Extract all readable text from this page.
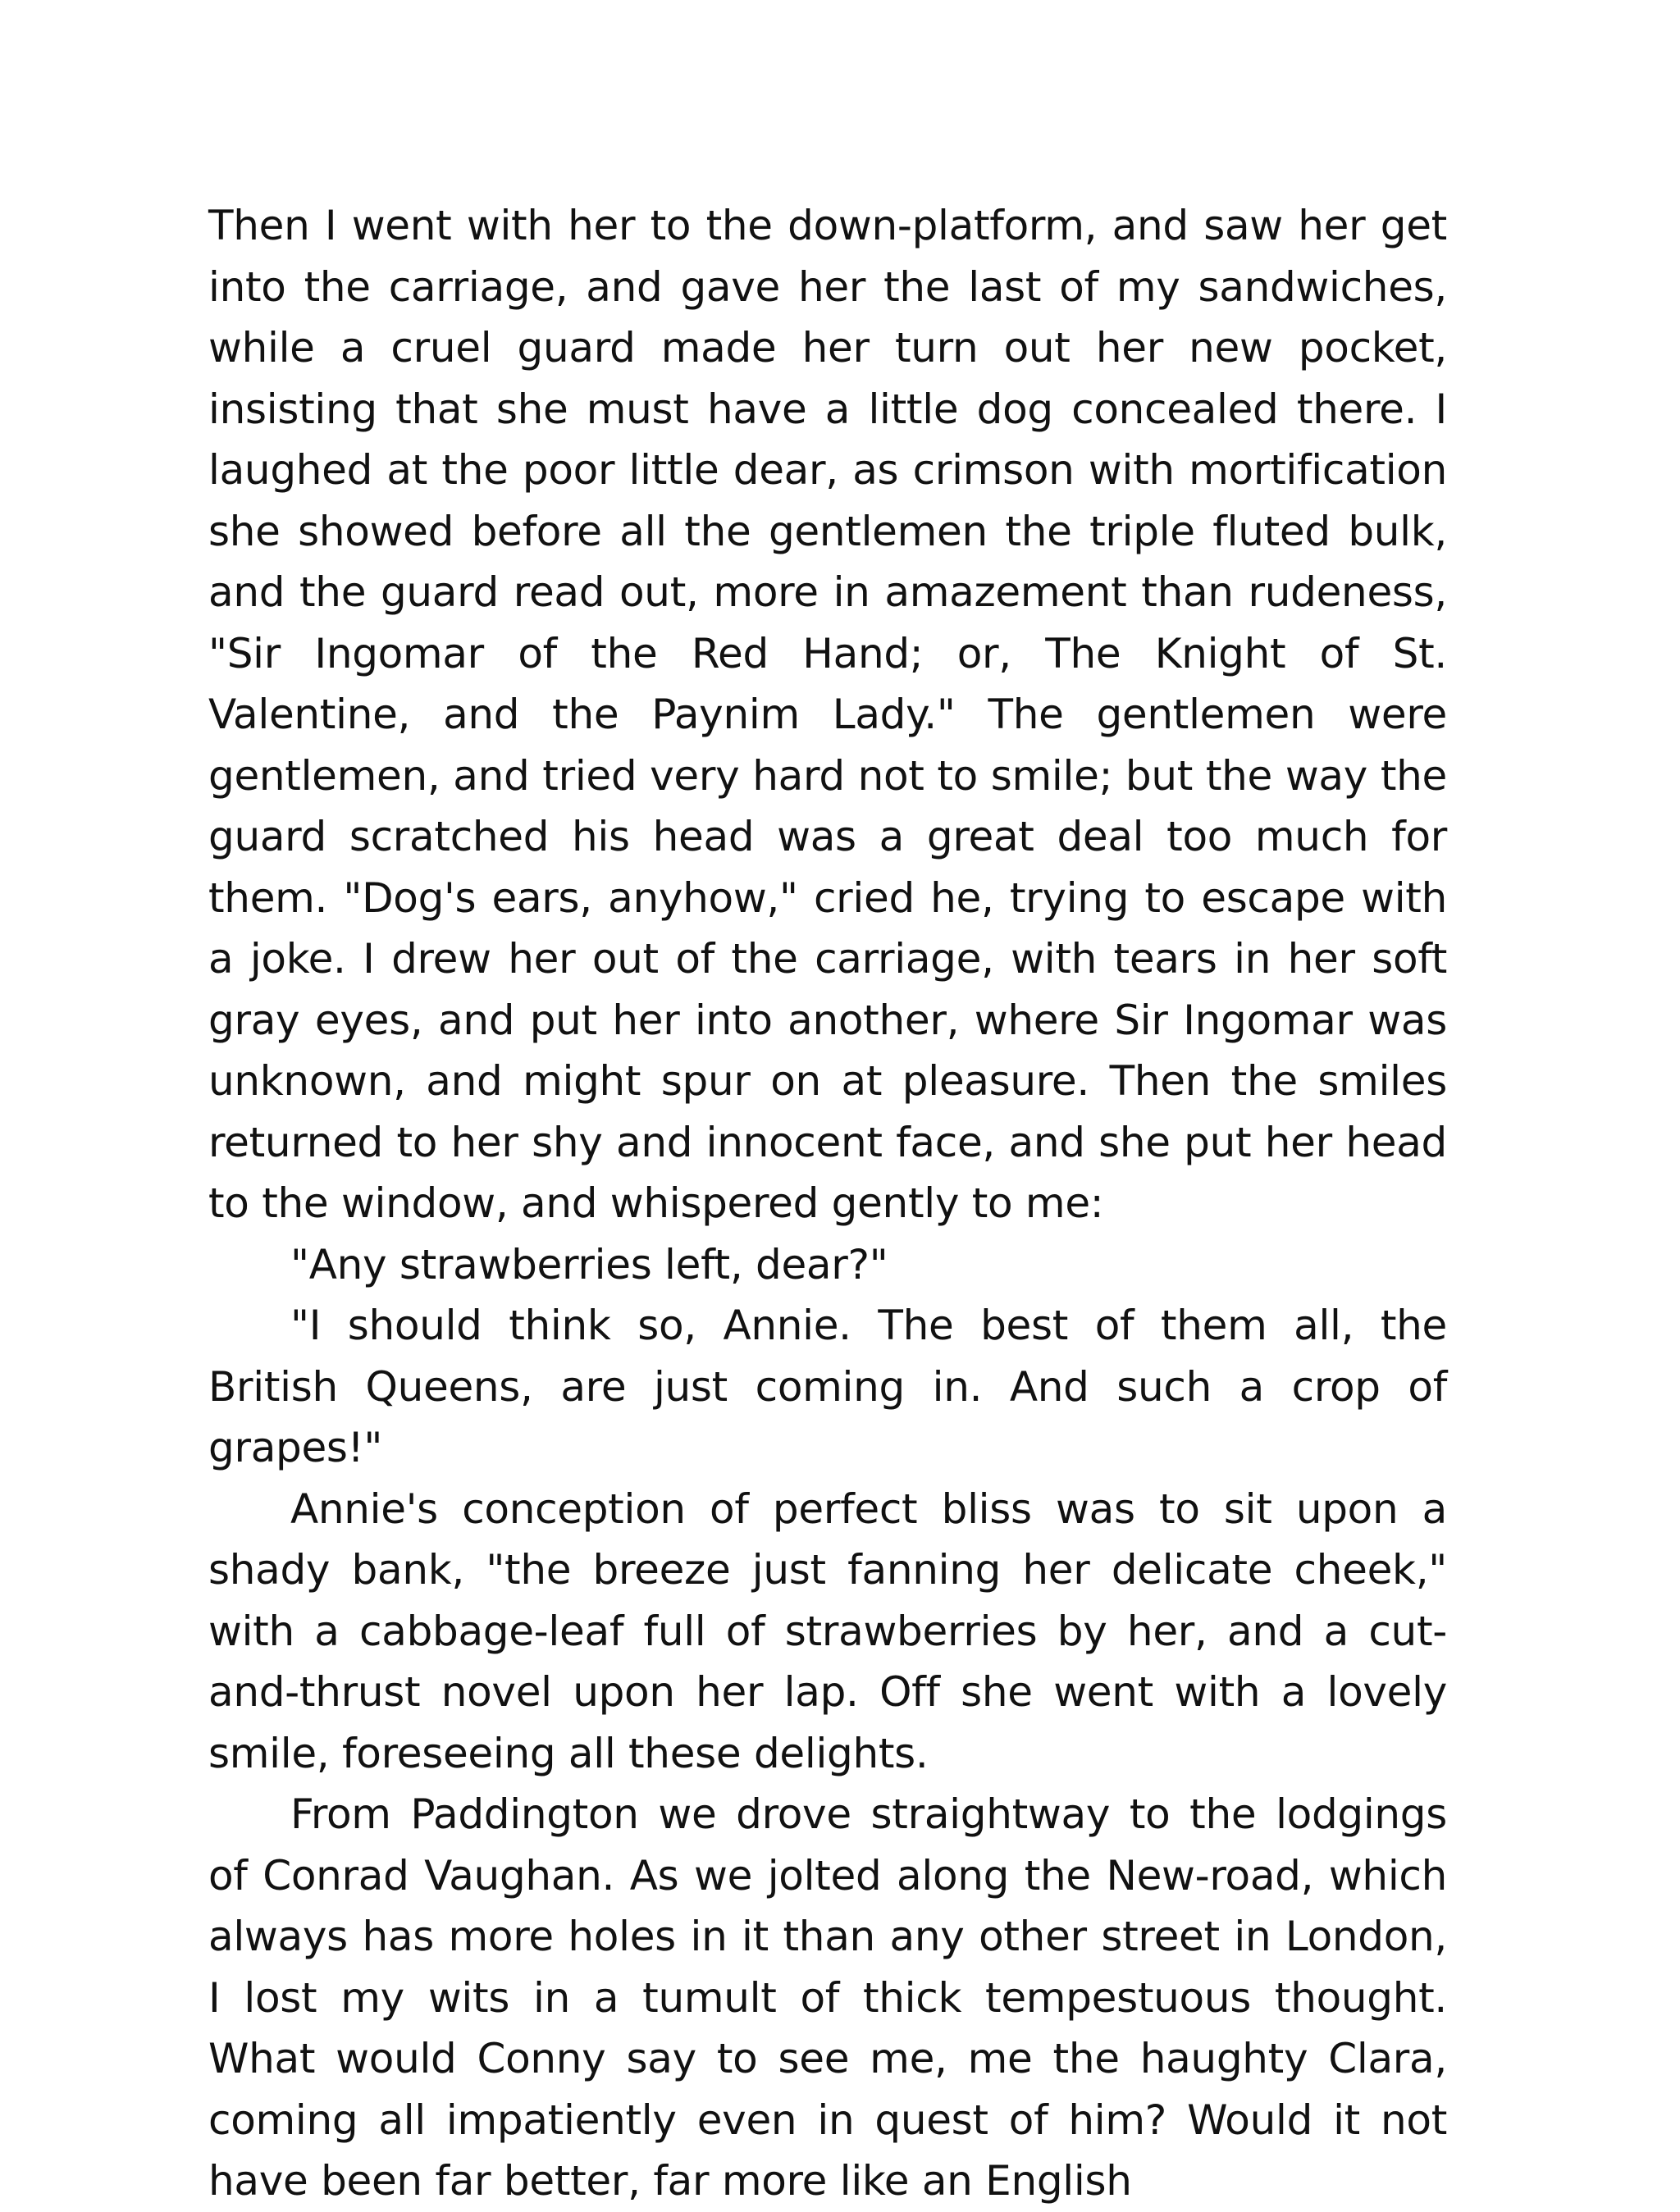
Then I went with her to the down-platform, and saw her get into the carriage, and gave her the last of my sandwiches, while a cruel guard made her turn out her new pocket, insisting that she must have a little dog concealed there. I laughed at the poor little dear, as crimson with mortification she showed before all the gentlemen the triple fluted bulk, and the guard read out, more in amazement than rudeness, "Sir Ingomar of the Red Hand; or, The Knight of St. Valentine, and the Paynim Lady." The gentlemen were gentlemen, and tried very hard not to smile; but the way the guard scratched his head was a great deal too much for them. "Dog's ears, anyhow," cried he, trying to escape with a joke. I drew her out of the carriage, with tears in her soft gray eyes, and put her into another, where Sir Ingomar was unknown, and might spur on at pleasure. Then the smiles returned to her shy and innocent face, and she put her head to the window, and whispered gently to me:

"Any strawberries left, dear?"

"I should think so, Annie. The best of them all, the British Queens, are just coming in. And such a crop of grapes!"

Annie's conception of perfect bliss was to sit upon a shady bank, "the breeze just fanning her delicate cheek," with a cabbage-leaf full of strawberries by her, and a cut-and-thrust novel upon her lap. Off she went with a lovely smile, foreseeing all these delights.

From Paddington we drove straightway to the lodgings of Conrad Vaughan. As we jolted along the New-road, which always has more holes in it than any other street in London, I lost my wits in a tumult of thick tempestuous thought. What would Conny say to see me, me the haughty Clara, coming all impatiently even in quest of him? Would it not have been far better, far more like an English
